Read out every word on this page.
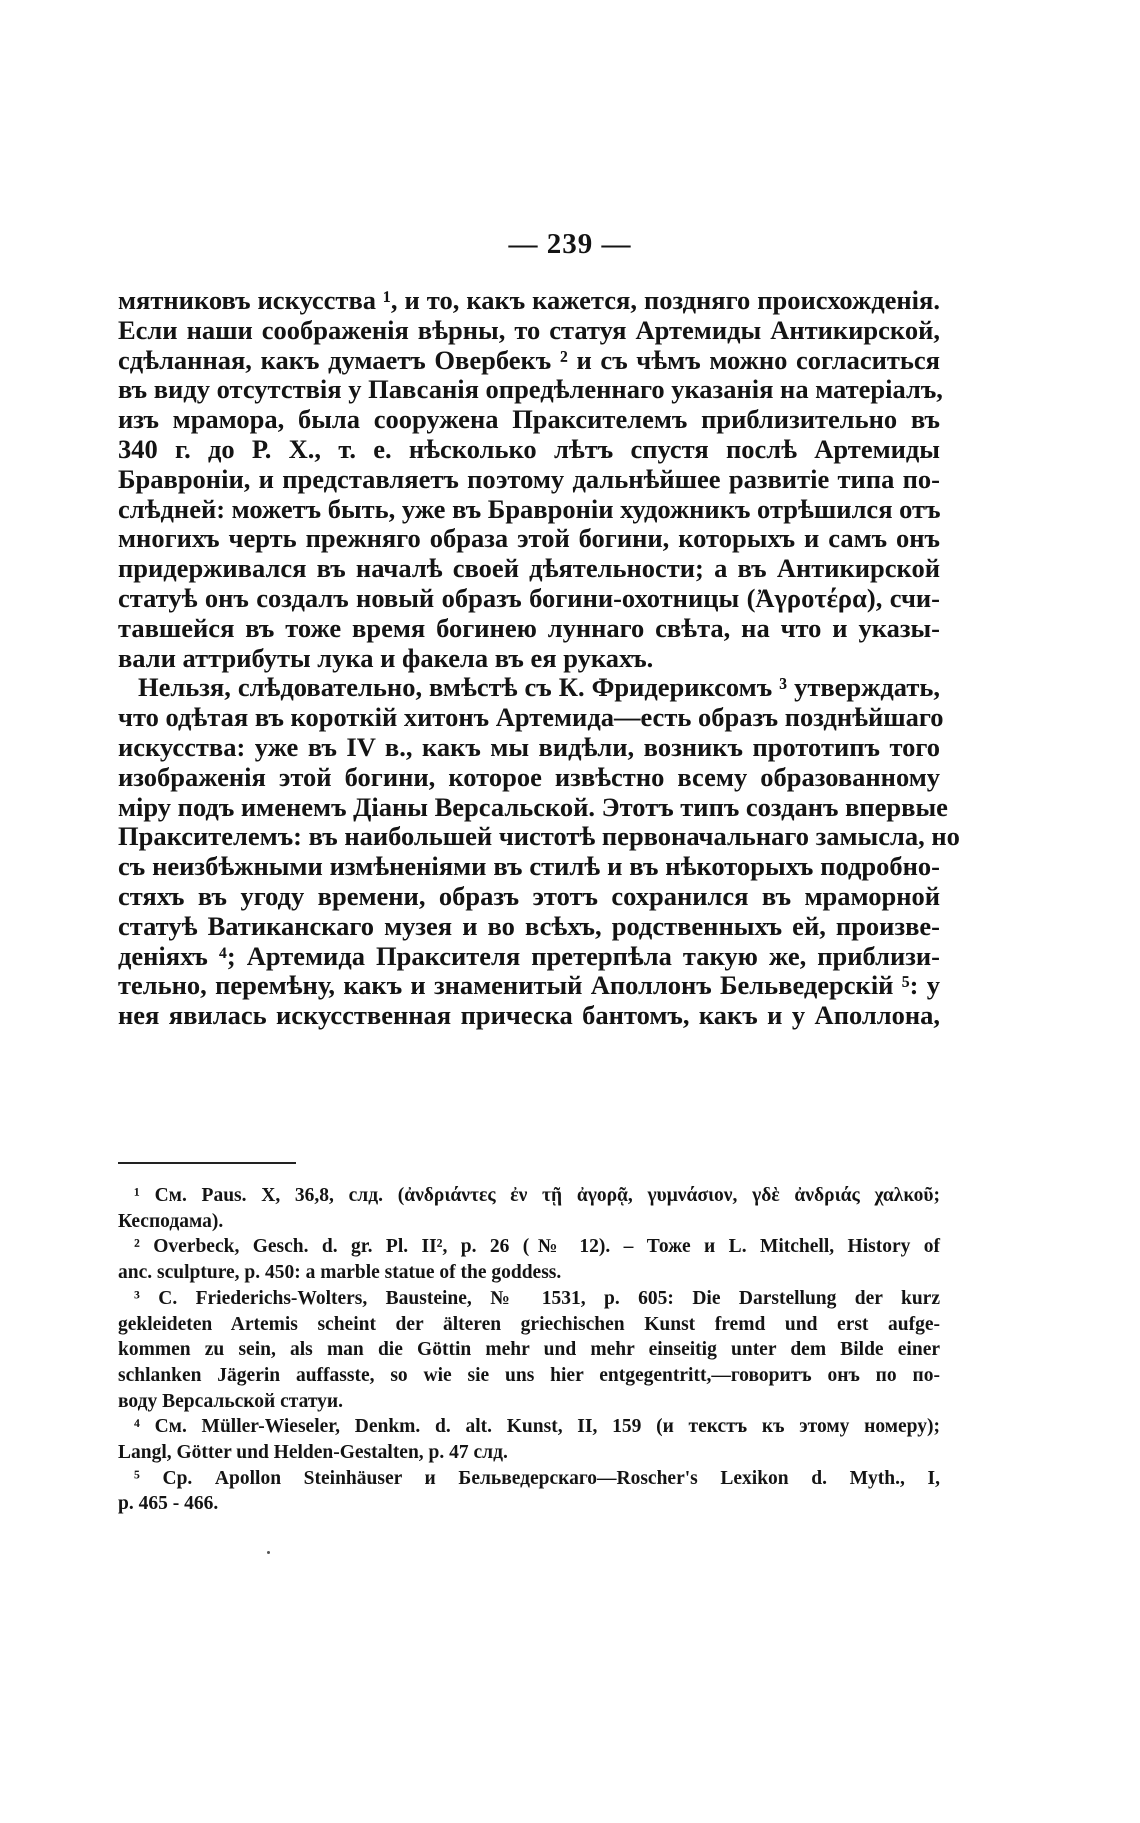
— 239 —
мятниковъ искусства ¹, и то, какъ кажется, поздняго происхожденія.
Если наши соображенія вѣрны, то статуя Артемиды Антикирской,
сдѣланная, какъ думаетъ Овербекъ ² и съ чѣмъ можно согласиться
въ виду отсутствія у Павсанія опредѣленнаго указанія на матеріалъ,
изъ мрамора, была сооружена Праксителемъ приблизительно въ
340 г. до Р. Х., т. е. нѣсколько лѣтъ спустя послѣ Артемиды
Бравроніи, и представляетъ поэтому дальнѣйшее развитіе типа по-
слѣдней: можетъ быть, уже въ Бравроніи художникъ отрѣшился отъ
многихъ черть прежняго образа этой богини, которыхъ и самъ онъ
придерживался въ началѣ своей дѣятельности; а въ Антикирской
статуѣ онъ создалъ новый образъ богини-охотницы (Ἀγροτέρα), счи-
тавшейся въ тоже время богинею луннаго свѣта, на что и указы-
вали аттрибуты лука и факела въ ея рукахъ.
Нельзя, слѣдовательно, вмѣстѣ съ К. Фридериксомъ ³ утверждать,
что одѣтая въ короткій хитонъ Артемида—есть образъ позднѣйшаго
искусства: уже въ IV в., какъ мы видѣли, возникъ прототипъ того
изображенія этой богини, которое извѣстно всему образованному
міру подъ именемъ Діаны Версальской. Этотъ типъ созданъ впервые
Праксителемъ: въ наибольшей чистотѣ первоначальнаго замысла, но
съ неизбѣжными измѣненіями въ стилѣ и въ нѣкоторыхъ подробно-
стяхъ въ угоду времени, образъ этотъ сохранился въ мраморной
статуѣ Ватиканскаго музея и во всѣхъ, родственныхъ ей, произве-
деніяхъ ⁴; Артемида Праксителя претерпѣла такую же, приблизи-
тельно, перемѣну, какъ и знаменитый Аполлонъ Бельведерскій ⁵: у
нея явилась искусственная прическа бантомъ, какъ и у Аполлона,
¹ См. Paus. X, 36,8, слд. (ἀνδριάντες ἐν τῇ ἀγορᾷ, γυμνάσιον, γδὲ ἀνδριάς χαλκοῦ;
Кесподама).
² Overbeck, Gesch. d. gr. Pl. II², p. 26 (№ 12). – Тоже и L. Mitchell, History of
anc. sculpture, p. 450: a marble statue of the goddess.
³ C. Friederichs-Wolters, Bausteine, № 1531, p. 605: Die Darstellung der kurz
gekleideten Artemis scheint der älteren griechischen Kunst fremd und erst aufge-
kommen zu sein, als man die Göttin mehr und mehr einseitig unter dem Bilde einer
schlanken Jägerin auffasste, so wie sie uns hier entgegentritt,—говоритъ онъ по по-
воду Версальской статуи.
⁴ См. Müller-Wieseler, Denkm. d. alt. Kunst, II, 159 (и текстъ къ этому номеру);
Langl, Götter und Helden-Gestalten, p. 47 слд.
⁵ Ср. Apollon Steinhäuser и Бельведерскаго—Roscher's Lexikon d. Myth., I,
p. 465 - 466.
